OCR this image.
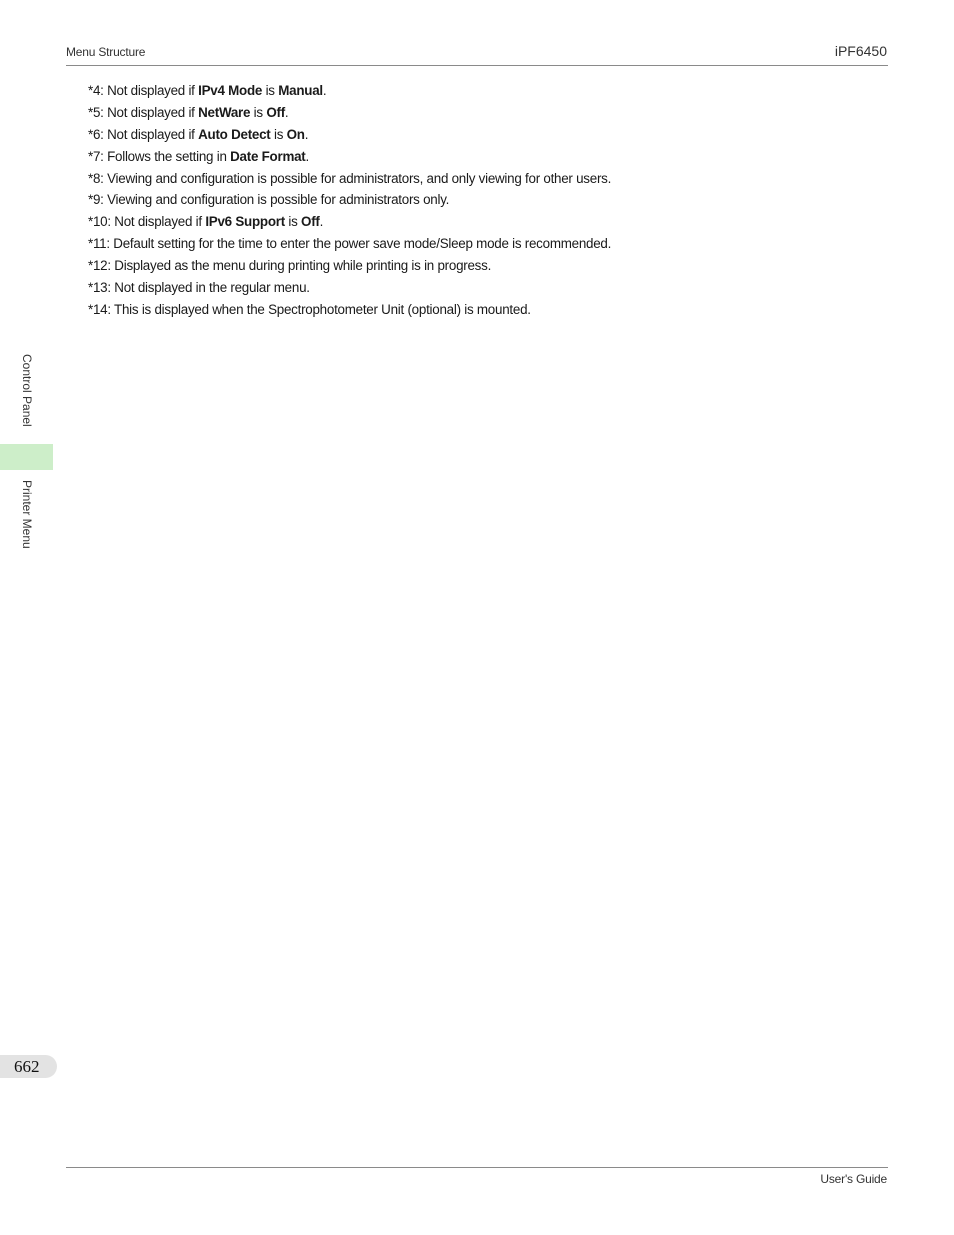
Menu Structure	iPF6450
*4: Not displayed if IPv4 Mode is Manual.
*5: Not displayed if NetWare is Off.
*6: Not displayed if Auto Detect is On.
*7: Follows the setting in Date Format.
*8: Viewing and configuration is possible for administrators, and only viewing for other users.
*9: Viewing and configuration is possible for administrators only.
*10: Not displayed if IPv6 Support is Off.
*11: Default setting for the time to enter the power save mode/Sleep mode is recommended.
*12: Displayed as the menu during printing while printing is in progress.
*13: Not displayed in the regular menu.
*14: This is displayed when the Spectrophotometer Unit (optional) is mounted.
Control Panel
Printer Menu
662
User's Guide
